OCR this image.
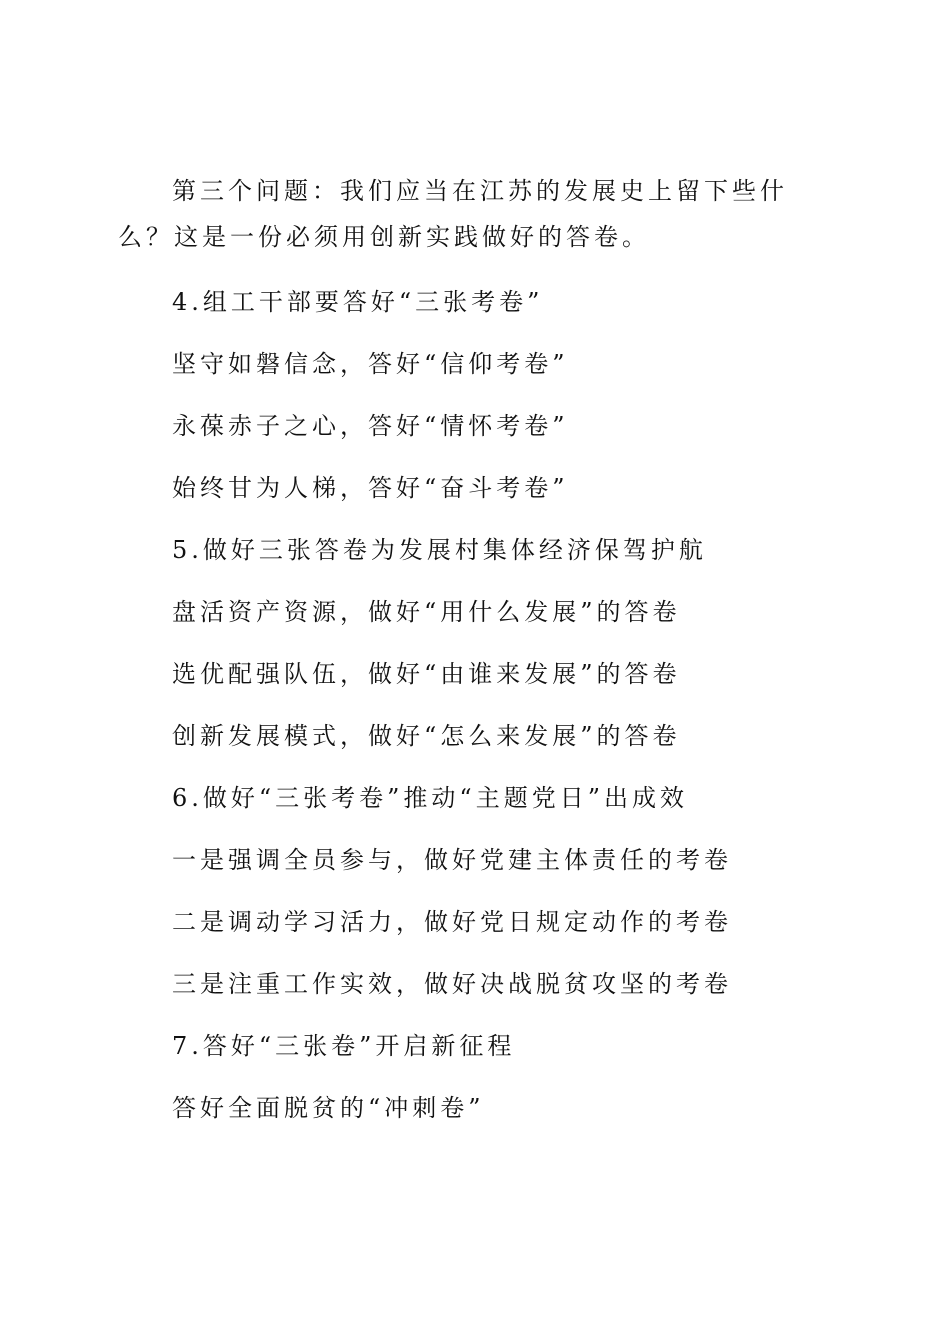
第三个问题：我们应当在江苏的发展史上留下些什么？这是一份必须用创新实践做好的答卷。

4.组工干部要答好“三张考卷”

坚守如磐信念，答好“信仰考卷”

永葆赤子之心，答好“情怀考卷”

始终甘为人梯，答好“奋斗考卷”

5.做好三张答卷为发展村集体经济保驾护航

盘活资产资源，做好“用什么发展”的答卷

选优配强队伍，做好“由谁来发展”的答卷

创新发展模式，做好“怎么来发展”的答卷

6.做好“三张考卷”推动“主题党日”出成效

一是强调全员参与，做好党建主体责任的考卷

二是调动学习活力，做好党日规定动作的考卷

三是注重工作实效，做好决战脱贫攻坚的考卷

7.答好“三张卷”开启新征程

答好全面脱贫的“冲刺卷”
